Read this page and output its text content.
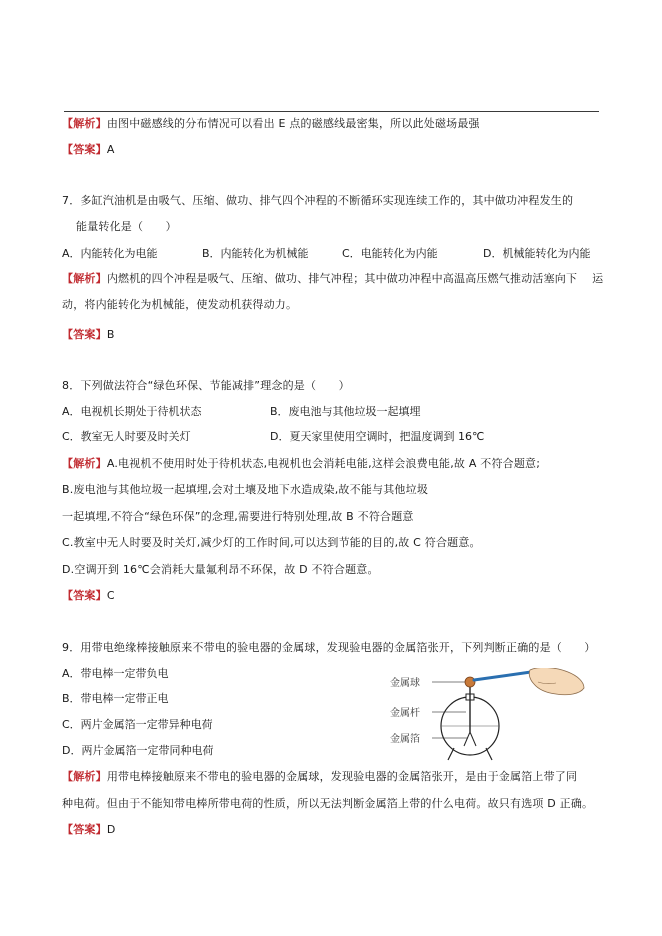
【解析】由图中磁感线的分布情况可以看出 E 点的磁感线最密集，所以此处磁场最强
【答案】A
7．多缸汽油机是由吸气、压缩、做功、排气四个冲程的不断循环实现连续工作的，其中做功冲程发生的
能量转化是（　　）
A．内能转化为电能	B．内能转化为机械能	C．电能转化为内能	D．机械能转化为内能
【解析】内燃机的四个冲程是吸气、压缩、做功、排气冲程；其中做功冲程中高温高压燃气推动活塞向下　 运
动，将内能转化为机械能，使发动机获得动力。
【答案】B
8．下列做法符合“绿色环保、节能减排”理念的是（　　）
A．电视机长期处于待机状态	B．废电池与其他垃圾一起填埋
C．教室无人时要及时关灯	D．夏天家里使用空调时，把温度调到 16℃
【解析】A.电视机不使用时处于待机状态,电视机也会消耗电能,这样会浪费电能,故 A 不符合题意;
B.废电池与其他垃圾一起填埋,会对土壤及地下水造成染,故不能与其他垃圾
一起填埋,不符合“绿色环保”的念理,需要进行特别处理,故 B 不符合题意
C.教室中无人时要及时关灯,减少灯的工作时间,可以达到节能的目的,故 C 符合题意。
D.空调开到 16℃会消耗大量氟利昂不环保，故 D 不符合题意。
【答案】C
9．用带电绝缘棒接触原来不带电的验电器的金属球，发现验电器的金属箔张开，下列判断正确的是（　　）
A．带电棒一定带负电
B．带电棒一定带正电
C．两片金属箔一定带异种电荷
D．两片金属箔一定带同种电荷
金属球
金属杆
金属箔
【解析】用带电棒接触原来不带电的验电器的金属球，发现验电器的金属箔张开，是由于金属箔上带了同
种电荷。但由于不能知带电棒所带电荷的性质，所以无法判断金属箔上带的什么电荷。故只有选项 D 正确。
【答案】D
